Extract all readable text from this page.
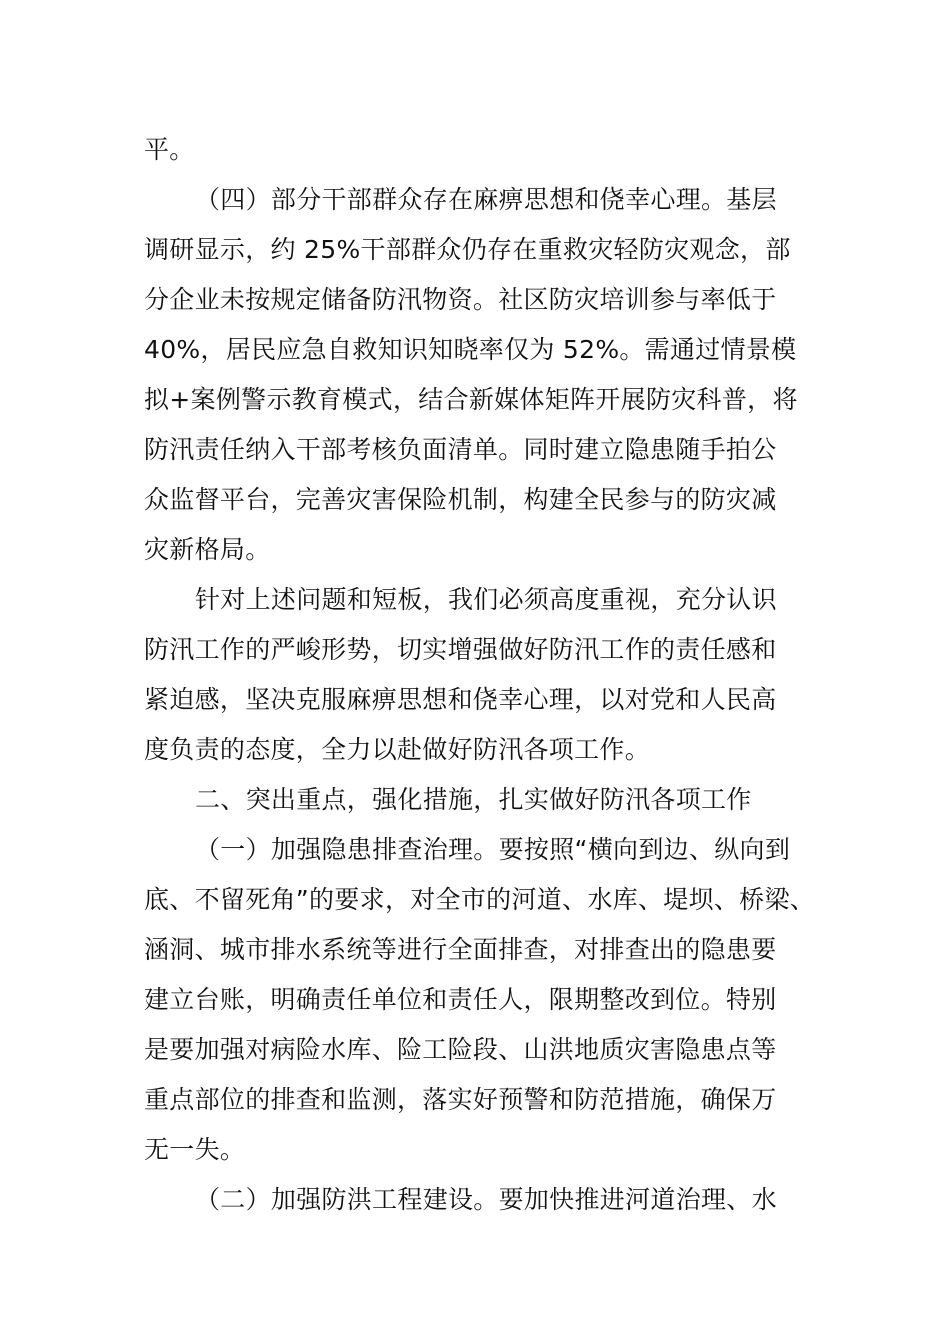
平。
（四）部分干部群众存在麻痹思想和侥幸心理。基层
调研显示，约 25%干部群众仍存在重救灾轻防灾观念，部
分企业未按规定储备防汛物资。社区防灾培训参与率低于
40%，居民应急自救知识知晓率仅为 52%。需通过情景模
拟+案例警示教育模式，结合新媒体矩阵开展防灾科普，将
防汛责任纳入干部考核负面清单。同时建立隐患随手拍公
众监督平台，完善灾害保险机制，构建全民参与的防灾减
灾新格局。
针对上述问题和短板，我们必须高度重视，充分认识
防汛工作的严峻形势，切实增强做好防汛工作的责任感和
紧迫感，坚决克服麻痹思想和侥幸心理，以对党和人民高
度负责的态度，全力以赴做好防汛各项工作。
二、突出重点，强化措施，扎实做好防汛各项工作
（一）加强隐患排查治理。要按照“横向到边、纵向到
底、不留死角”的要求，对全市的河道、水库、堤坝、桥梁、
涵洞、城市排水系统等进行全面排查，对排查出的隐患要
建立台账，明确责任单位和责任人，限期整改到位。特别
是要加强对病险水库、险工险段、山洪地质灾害隐患点等
重点部位的排查和监测，落实好预警和防范措施，确保万
无一失。
（二）加强防洪工程建设。要加快推进河道治理、水
